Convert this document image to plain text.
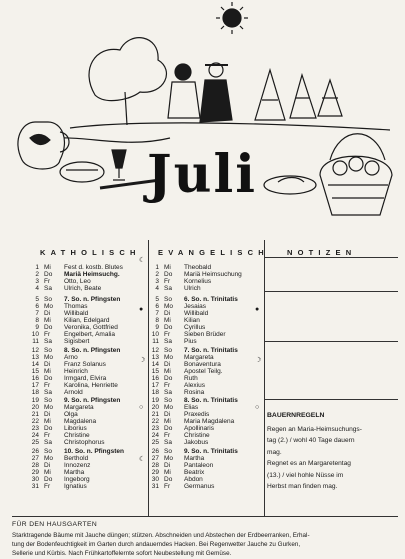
Juli
KATHOLISCH EVANGELISCH NOTIZEN
1 Mi	Fest d. kostb. Blutes
2 Do	Mariä Heimsuchg.
3 Fr	Otto, Leo
4 Sa	Ulrich, Beate
5 So	7. So. n. Pfingsten
6 Mo	Thomas
7 Di	Willibald
8 Mi	Kilian, Edelgard
9 Do	Veronika, Gottfried
10 Fr	Engelbert, Amalia
11 Sa	Sigisbert
12 So	8. So. n. Pfingsten
13 Mo	Arno
14 Di	Franz Solanus
15 Mi	Heinrich
16 Do	Irmgard, Elvira
17 Fr	Karolina, Henriette
18 Sa	Arnold
19 So	9. So. n. Pfingsten
20 Mo	Margareta
21 Di	Olga
22 Mi	Magdalena
23 Do	Liborius
24 Fr	Christine
25 Sa	Christophorus
26 So	10. So. n. Pfingsten
27 Mo	Berthold
28 Di	Innozenz
29 Mi	Martha
30 Do	Ingeborg
31 Fr	Ignatius
1 Mi	Theobald
2 Do	Mariä Heimsuchung
3 Fr	Kornelius
4 Sa	Ulrich
5 So	6. So. n. Trinitatis
6 Mo	Jesaias
7 Di	Willibald
8 Mi	Kilian
9 Do	Cyrillus
10 Fr	Sieben Brüder
11 Sa	Pius
12 So	7. So. n. Trinitatis
13 Mo	Margareta
14 Di	Bonaventura
15 Mi	Apostel Teilg.
16 Do	Ruth
17 Fr	Alexius
18 Sa	Rosina
19 So	8. So. n. Trinitatis
20 Mo	Elias
21 Di	Praxedis
22 Mi	Maria Magdalena
23 Do	Apollinaris
24 Fr	Christine
25 Sa	Jakobus
26 So	9. So. n. Trinitatis
27 Mo	Martha
28 Di	Pantaleon
29 Mi	Beatrix
30 Do	Abdon
31 Fr	Germanus
☾
●
☽
○
☾
●
☽
○
BAUERNREGELN
Regen an Maria-Heimsuchungs-
tag (2.) / wohl 40 Tage dauern
mag.
Regnet es an Margaretentag
(13.) / viel hohle Nüsse im
Herbst man finden mag.
FÜR DEN HAUSGARTEN
Starktragende Bäume mit Jauche düngen; stützen. Abschneiden und Abstechen der Erdbeerranken, Erhal-
tung der Bodenfeuchtigkeit im Garten durch andauerndes Hacken. Bei Regenwetter Jauche zu Gurken,
Sellerie und Kürbis. Nach Frühkartoffelernte sofort Neubestellung mit Gemüse.
